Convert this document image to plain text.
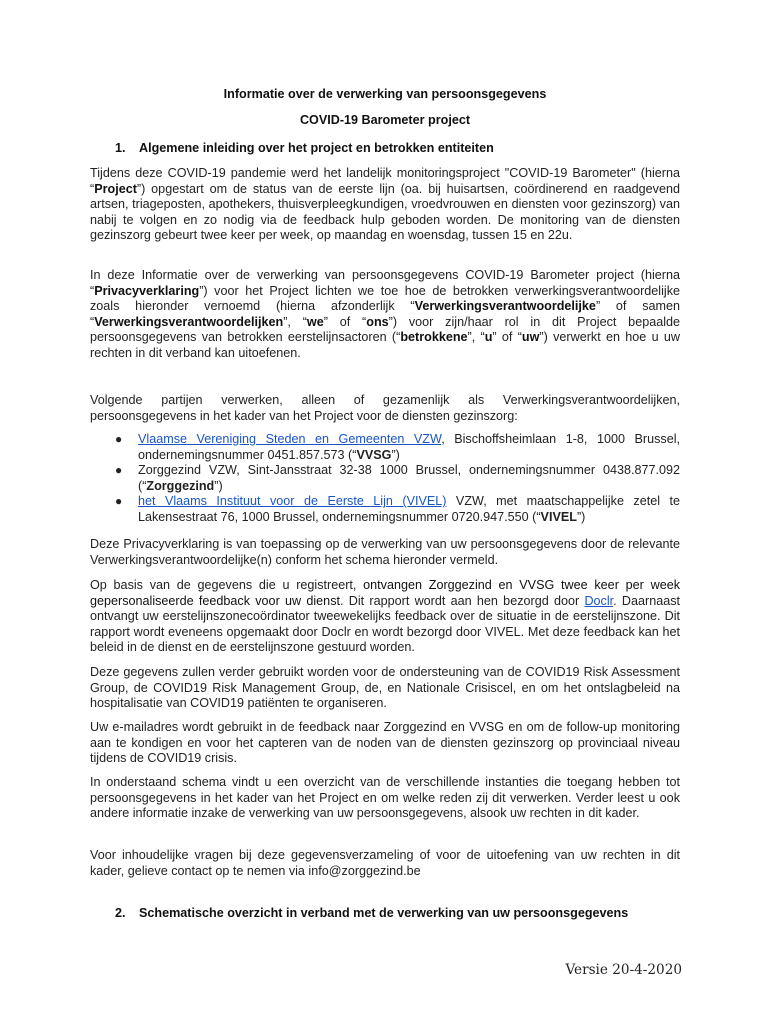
Informatie over de verwerking van persoonsgegevens
COVID-19 Barometer project
1. Algemene inleiding over het project en betrokken entiteiten
Tijdens deze COVID-19 pandemie werd het landelijk monitoringsproject "COVID-19 Barometer" (hierna “Project”) opgestart om de status van de eerste lijn (oa. bij huisartsen, coördinerend en raadgevend artsen, triageposten, apothekers, thuisverpleegkundigen, vroedvrouwen en diensten voor gezinszorg) van nabij te volgen en zo nodig via de feedback hulp geboden worden. De monitoring van de diensten gezinszorg gebeurt twee keer per week, op maandag en woensdag, tussen 15 en 22u.
In deze Informatie over de verwerking van persoonsgegevens COVID-19 Barometer project (hierna “Privacyverklaring”) voor het Project lichten we toe hoe de betrokken verwerkingsverantwoordelijke zoals hieronder vernoemd (hierna afzonderlijk “Verwerkingsverantwoordelijke” of samen “Verwerkingsverantwoordelijken”, “we” of “ons”) voor zijn/haar rol in dit Project bepaalde persoonsgegevens van betrokken eerstelijnsactoren (“betrokkene”, “u” of “uw”) verwerkt en hoe u uw rechten in dit verband kan uitoefenen.
Volgende partijen verwerken, alleen of gezamenlijk als Verwerkingsverantwoordelijken, persoonsgegevens in het kader van het Project voor de diensten gezinszorg:
● Vlaamse Vereniging Steden en Gemeenten VZW, Bischoffsheimlaan 1-8, 1000 Brussel, ondernemingsnummer 0451.857.573 (“VVSG”)
● Zorggezind VZW, Sint-Jansstraat 32-38 1000 Brussel, ondernemingsnummer 0438.877.092 (“Zorggezind”)
● het Vlaams Instituut voor de Eerste Lijn (VIVEL) VZW, met maatschappelijke zetel te Lakensestraat 76, 1000 Brussel, ondernemingsnummer 0720.947.550 (“VIVEL”)
Deze Privacyverklaring is van toepassing op de verwerking van uw persoonsgegevens door de relevante Verwerkingsverantwoordelijke(n) conform het schema hieronder vermeld.
Op basis van de gegevens die u registreert, ontvangen Zorggezind en VVSG twee keer per week gepersonaliseerde feedback voor uw dienst. Dit rapport wordt aan hen bezorgd door Doclr. Daarnaast ontvangt uw eerstelijnszonecoördinator tweewekelijks feedback over de situatie in de eerstelijnszone. Dit rapport wordt eveneens opgemaakt door Doclr en wordt bezorgd door VIVEL. Met deze feedback kan het beleid in de dienst en de eerstelijnszone gestuurd worden.
Deze gegevens zullen verder gebruikt worden voor de ondersteuning van de COVID19 Risk Assessment Group, de COVID19 Risk Management Group, de, en Nationale Crisiscel, en om het ontslagbeleid na hospitalisatie van COVID19 patiënten te organiseren.
Uw e-mailadres wordt gebruikt in de feedback naar Zorggezind en VVSG en om de follow-up monitoring aan te kondigen en voor het capteren van de noden van de diensten gezinszorg op provinciaal niveau tijdens de COVID19 crisis.
In onderstaand schema vindt u een overzicht van de verschillende instanties die toegang hebben tot persoonsgegevens in het kader van het Project en om welke reden zij dit verwerken. Verder leest u ook andere informatie inzake de verwerking van uw persoonsgegevens, alsook uw rechten in dit kader.
Voor inhoudelijke vragen bij deze gegevensverzameling of voor de uitoefening van uw rechten in dit kader, gelieve contact op te nemen via info@zorggezind.be
2. Schematische overzicht in verband met de verwerking van uw persoonsgegevens
Versie 20-4-2020
